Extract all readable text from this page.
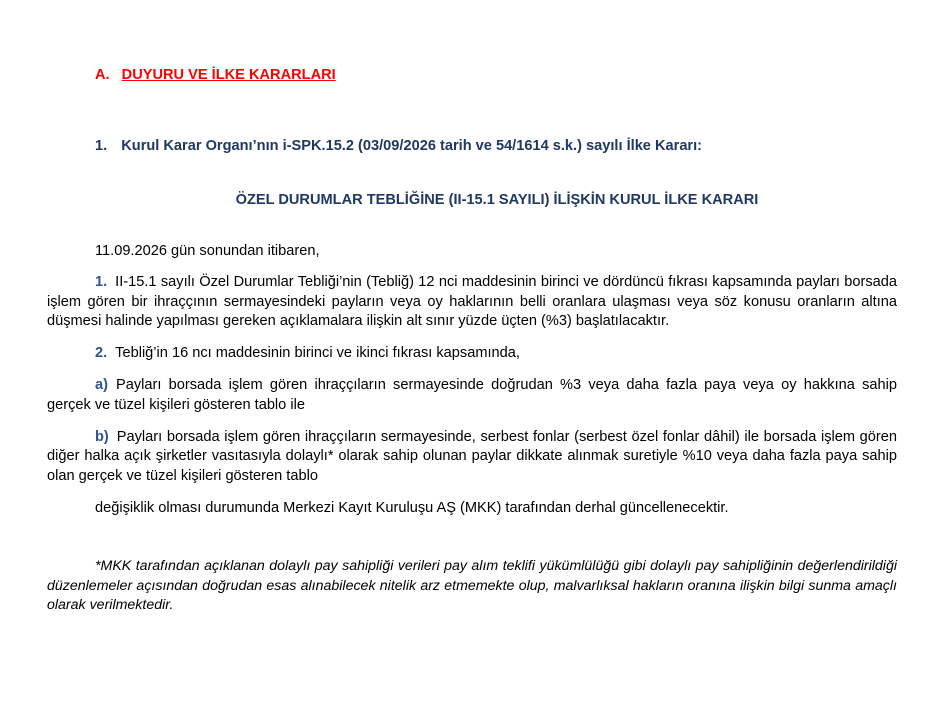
A. DUYURU VE İLKE KARARLARI
1. Kurul Karar Organı’nın i-SPK.15.2 (03/09/2026 tarih ve 54/1614 s.k.) sayılı İlke Kararı:
ÖZEL DURUMLAR TEBLİĞİNE (II-15.1 SAYILI) İLİŞKİN KURUL İLKE KARARI

11.09.2026 gün sonundan itibaren,

1. II-15.1 sayılı Özel Durumlar Tebliği’nin (Tebliğ) 12 nci maddesinin birinci ve dördüncü fıkrası kapsamında payları borsada işlem gören bir ihraççının sermayesindeki payların veya oy haklarının belli oranlara ulaşması veya söz konusu oranların altına düşmesi halinde yapılması gereken açıklamalara ilişkin alt sınır yüzde üçten (%3) başlatılacaktır.

2. Tebliğ’in 16 ncı maddesinin birinci ve ikinci fıkrası kapsamında,

a) Payları borsada işlem gören ihraççıların sermayesinde doğrudan %3 veya daha fazla paya veya oy hakkına sahip gerçek ve tüzel kişileri gösteren tablo ile

b) Payları borsada işlem gören ihraççıların sermayesinde, serbest fonlar (serbest özel fonlar dâhil) ile borsada işlem gören diğer halka açık şirketler vasıtasıyla dolaylı* olarak sahip olunan paylar dikkate alınmak suretiyle %10 veya daha fazla paya sahip olan gerçek ve tüzel kişileri gösteren tablo

değişiklik olması durumunda Merkezi Kayıt Kuruluşu AŞ (MKK) tarafından derhal güncellenecektir.

*MKK tarafından açıklanan dolaylı pay sahipliği verileri pay alım teklifi yükümlülüğü gibi dolaylı pay sahipliğinin değerlendirildiği düzenlemeler açısından doğrudan esas alınabilecek nitelik arz etmemekte olup, malvarlıksal hakların oranına ilişkin bilgi sunma amaçlı olarak verilmektedir.
